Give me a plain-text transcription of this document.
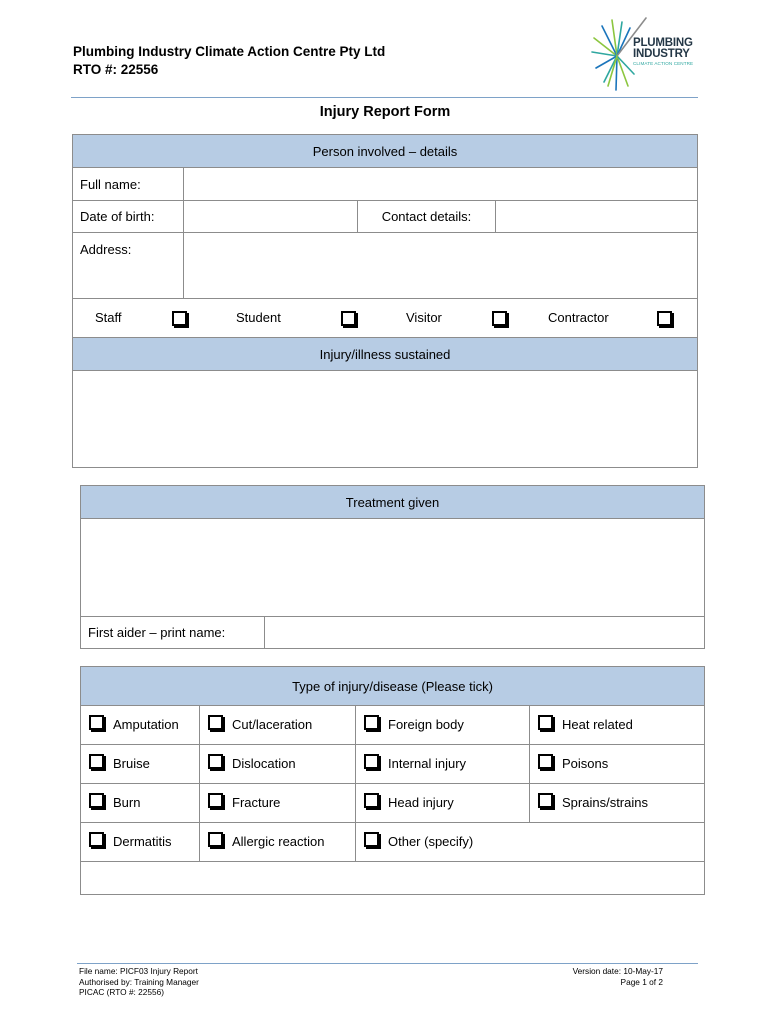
Plumbing Industry Climate Action Centre Pty Ltd
RTO #: 22556
PLUMBING
INDUSTRY
CLIMATE ACTION CENTRE
Injury Report Form
Person involved – details			
Full name:			
Date of birth:		Contact details:	
Address:			

Staff Student Visitor Contractor			

Injury/illness sustained			

Treatment given

First aider – print name:	
Type of injury/disease (Please tick)			
Amputation	Cut/laceration	Foreign body	Heat related
Bruise	Dislocation	Internal injury	Poisons
Burn	Fracture	Head injury	Sprains/strains
Dermatitis	Allergic reaction	Other (specify)	

File name: PICF03 Injury Report
Authorised by: Training Manager
PICAC (RTO #: 22556)
Version date: 10-May-17
Page 1 of 2
